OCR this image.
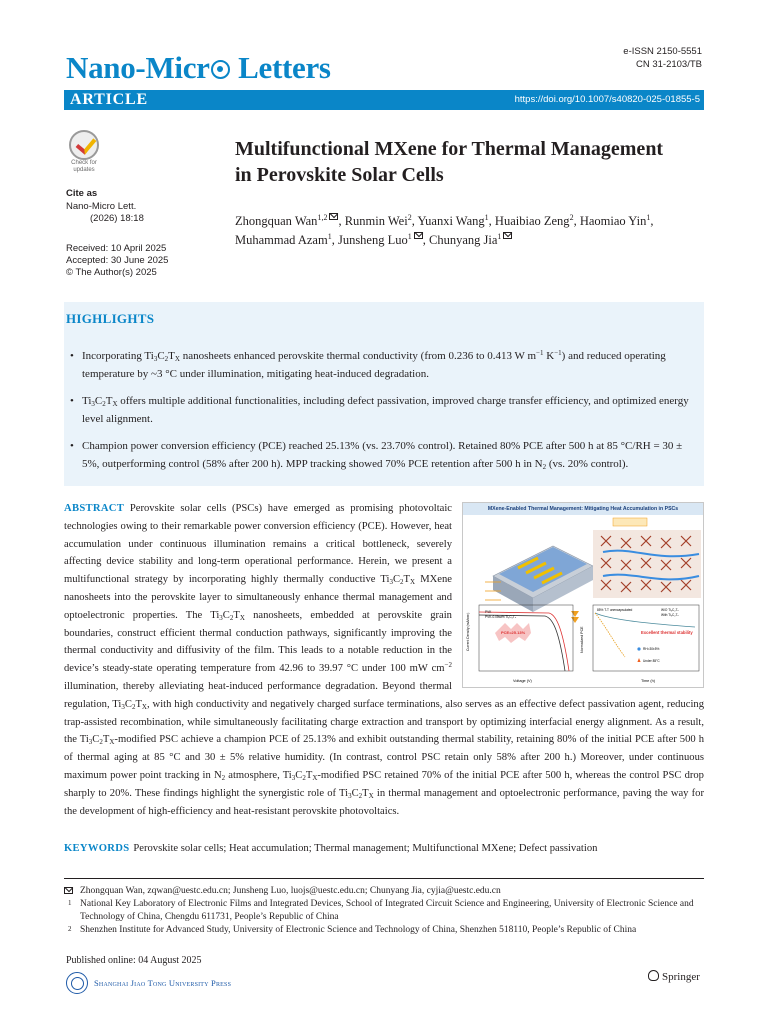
Nano-Micr Letters	e-ISSN 2150-5551
CN 31-2103/TB
ARTICLE	https://doi.org/10.1007/s40820-025-01855-5
Check for
updates
Cite as
Nano-Micro Lett.
(2026) 18:18
Received: 10 April 2025
Accepted: 30 June 2025
© The Author(s) 2025
Multifunctional MXene for Thermal Management
in Perovskite Solar Cells
Zhongquan Wan$^{1,2}$ , Runmin Wei$^2$, Yuanxi Wang$^1$, Huaibiao Zeng$^2$, Haomiao Yin$^1$, Muhammad Azam$^1$, Junsheng Luo$^1$ , Chunyang Jia$^1$
HIGHLIGHTS
• Incorporating $Ti_3C_2T_X$ nanosheets enhanced perovskite thermal conductivity (from 0.236 to 0.413 W $m^{-1}$ $K^{-1}$) and reduced operating temperature by ~3 °C under illumination, mitigating heat-induced degradation.
• $Ti_3C_2T_X$ offers multiple additional functionalities, including defect passivation, improved charge transfer efficiency, and optimized energy level alignment.
• Champion power conversion efficiency (PCE) reached 25.13% (vs. 23.70% control). Retained 80% PCE after 500 h at 85 °C/RH = 30 ± 5%, outperforming control (58% after 200 h). MPP tracking showed 70% PCE retention after 500 h in $N_2$ (vs. 20% control).
ABSTRACT Perovskite solar cells (PSCs) have emerged as promising photovoltaic technologies owing to their remarkable power conversion efficiency (PCE). However, heat accumulation under continuous illumination remains a critical bottleneck, severely affecting device stability and long-term operational performance. Herein, we present a multifunctional strategy by incorporating highly thermally conductive $Ti_3C_2T_X$ MXene nanosheets into the perovskite layer to simultaneously enhance thermal management and optoelectronic properties. The $Ti_3C_2T_X$ nanosheets, embedded at perovskite grain boundaries, construct efficient thermal conduction pathways, significantly improving the thermal conductivity and diffusivity of the film. This leads to a notable reduction in the device’s steady-state operating temperature from 42.96 to 39.97 °C under 100 mW $cm^{-2}$ illumination, thereby alleviating heat-induced performance degradation. Beyond thermal regulation, $Ti_3C_2T_X$, with high conductivity and negatively charged surface terminations, also serves as an effective defect passivation agent, reducing trap-assisted recombination, while simultaneously facilitating charge extraction and transport by optimizing interfacial energy alignment. As a result, the $Ti_3C_2T_X$-modified PSC achieve a champion PCE of 25.13% and exhibit outstanding thermal stability, retaining 80% of the initial PCE after 500 h of thermal aging at 85 °C and 30 ± 5% relative humidity. (In contrast, control PSC retain only 58% after 200 h.) Moreover, under continuous maximum power point tracking in $N_2$ atmosphere, $Ti_3C_2T_X$-modified PSC retained 70% of the initial PCE after 500 h, whereas the control PSC drop sharply to 20%. These findings highlight the synergistic role of $Ti_3C_2T_X$ in thermal management and optoelectronic performance, paving the way for the development of high-efficiency and heat-resistant perovskite photovoltaics.
MXene-Enabled Thermal Management: Mitigating Heat Accumulation in PSCs
Current Density (mA/cm²)
Voltage (V)
PVK
PVK-0.05wt% Ti₃C₂Tₓ
PCE=25.13%	Normalized PCE
Time (h)
85% T-T unencapsulated	W/O Ti₃C₂Tₓ
With Ti₃C₂Tₓ
Excellent thermal stability
RH=30±5%
Under 85°C
KEYWORDS Perovskite solar cells; Heat accumulation; Thermal management; Multifunctional MXene; Defect passivation
Zhongquan Wan, zqwan@uestc.edu.cn; Junsheng Luo, luojs@uestc.edu.cn; Chunyang Jia, cyjia@uestc.edu.cn
1 National Key Laboratory of Electronic Films and Integrated Devices, School of Integrated Circuit Science and Engineering, University of Electronic Science and Technology of China, Chengdu 611731, People’s Republic of China
2 Shenzhen Institute for Advanced Study, University of Electronic Science and Technology of China, Shenzhen 518110, People’s Republic of China
Published online: 04 August 2025
Shanghai Jiao Tong University Press	Springer
